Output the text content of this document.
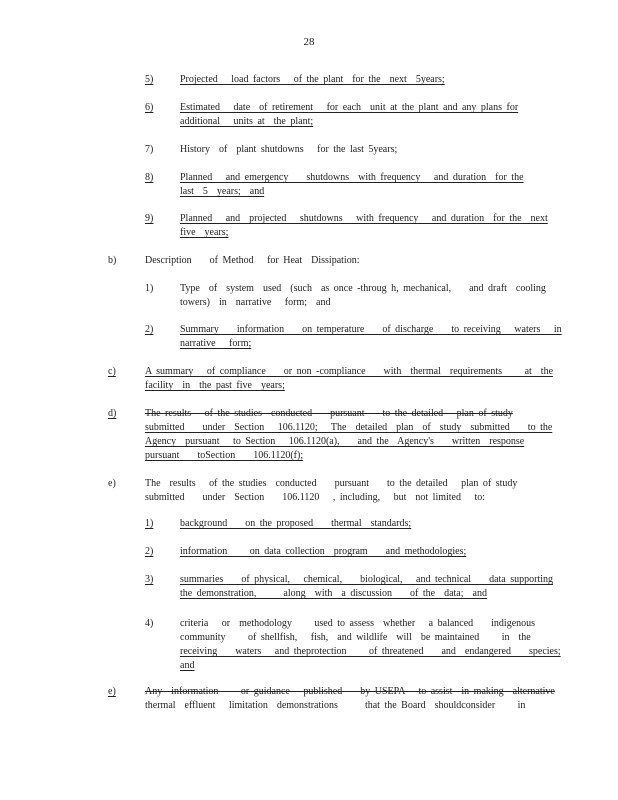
28
5)	Projected   load factors   of the plant  for the  next  5years;
6)	Estimated   date  of retirement   for each  unit at the plant and any plans for
additional   units at  the plant;
7)	History  of  plant shutdowns   for the last 5years;
8)	Planned   and emergency    shutdowns  with frequency   and duration  for the
last  5  years;  and
9)	Planned   and  projected   shutdowns   with frequency   and duration  for the  next
five  years;
b)	Description    of Method   for Heat  Dissipation:
1)	Type  of  system  used  (such  as once -throug h, mechanical,    and draft  cooling
towers)  in  narrative   form;  and
2)	Summary    information    on temperature    of discharge    to receiving   waters   in
narrative   form;
c)	A summary   of compliance    or non -compliance    with  thermal  requirements     at  the
facility  in  the past five  years;
d)	The results   of the studies  conducted    pursuant    to the detailed   plan of study
submitted    under  Section   106.1120;   The  detailed  plan  of  study  submitted    to the
Agency  pursuant   to Section   106.1120(a),    and the  Agency's    written  response
pursuant    toSection    106.1120(f);
e)	The  results   of the studies  conducted    pursuant    to the detailed   plan of study
submitted    under  Section    106.1120   , including,   but  not limited   to:
1)	background    on the proposed    thermal  standards;
2)	information     on data collection  program    and methodologies;
3)	summaries    of physical,   chemical,    biological,   and technical    data supporting
the demonstration,      along  with  a discussion    of the  data;  and
4)	criteria   or  methodology     used to assess  whether   a balanced    indigenous
community     of shellfish,   fish,  and wildlife  will  be maintained     in  the
receiving    waters   and theprotection     of threatened    and  endangered    species;
and
e)	Any  information     or guidance   published    by USEPA   to assist  in making  alternative
thermal  effluent   limitation  demonstrations      that the Board  shouldconsider     in
